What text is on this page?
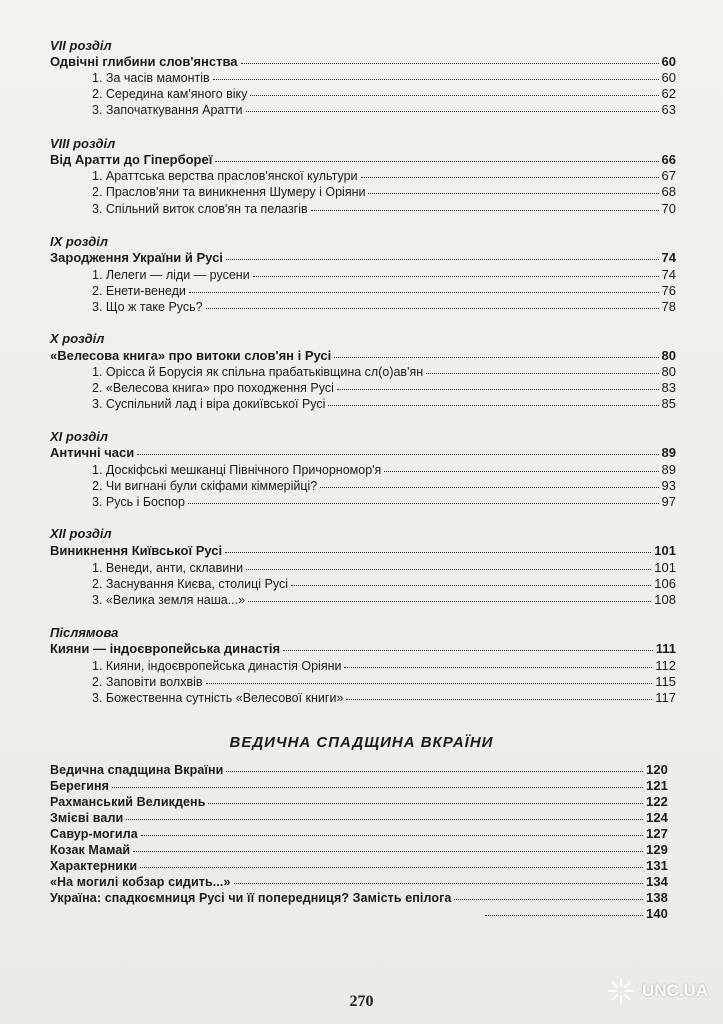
VII розділ
Одвічні глибини слов'янства	60
1. За часів мамонтів	60
2. Середина кам'яного віку	62
3. Започаткування Аратти	63
VIII розділ
Від Аратти до Гіпербореї	66
1. Араттська верства праслов'янскої культури	67
2. Праслов'яни та виникнення Шумеру і Оріяни	68
3. Спільний виток слов'ян та пелазгів	70
IX розділ
Зародження України й Русі	74
1. Лелеги — ліди — русени	74
2. Енети-венеди	76
3. Що ж таке Русь?	78
X розділ
«Велесова книга» про витоки слов'ян і Русі	80
1. Орісса й Борусія як спільна прабатьківщина сл(о)ав'ян	80
2. «Велесова книга» про походження Русі	83
3. Суспільний лад і віра докиївської Русі	85
XI розділ
Античні часи	89
1. Доскіфські мешканці Північного Причорномор'я	89
2. Чи вигнані були скіфами кіммерійці?	93
3. Русь і Боспор	97
XII розділ
Виникнення Київської Русі	101
1. Венеди, анти, склавини	101
2. Заснування Києва, столиці Русі	106
3. «Велика земля наша...»	108
Післямова
Кияни — індоєвропейська династія	111
1. Кияни, індоєвропейська династія Оріяни	112
2. Заповіти волхвів	115
3. Божественна сутність «Велесової книги»	117
ВЕДИЧНА СПАДЩИНА ВКРАЇНИ
Ведична спадщина Вкраїни	120
Берегиня	121
Рахманський Великдень	122
Змієві вали	124
Савур-могила	127
Козак Мамай	129
Характерники	131
«На могилі кобзар сидить...»	134
Україна: спадкоємниця Русі чи її попередниця? Замість епілога	138
140
270
UNC.UA
